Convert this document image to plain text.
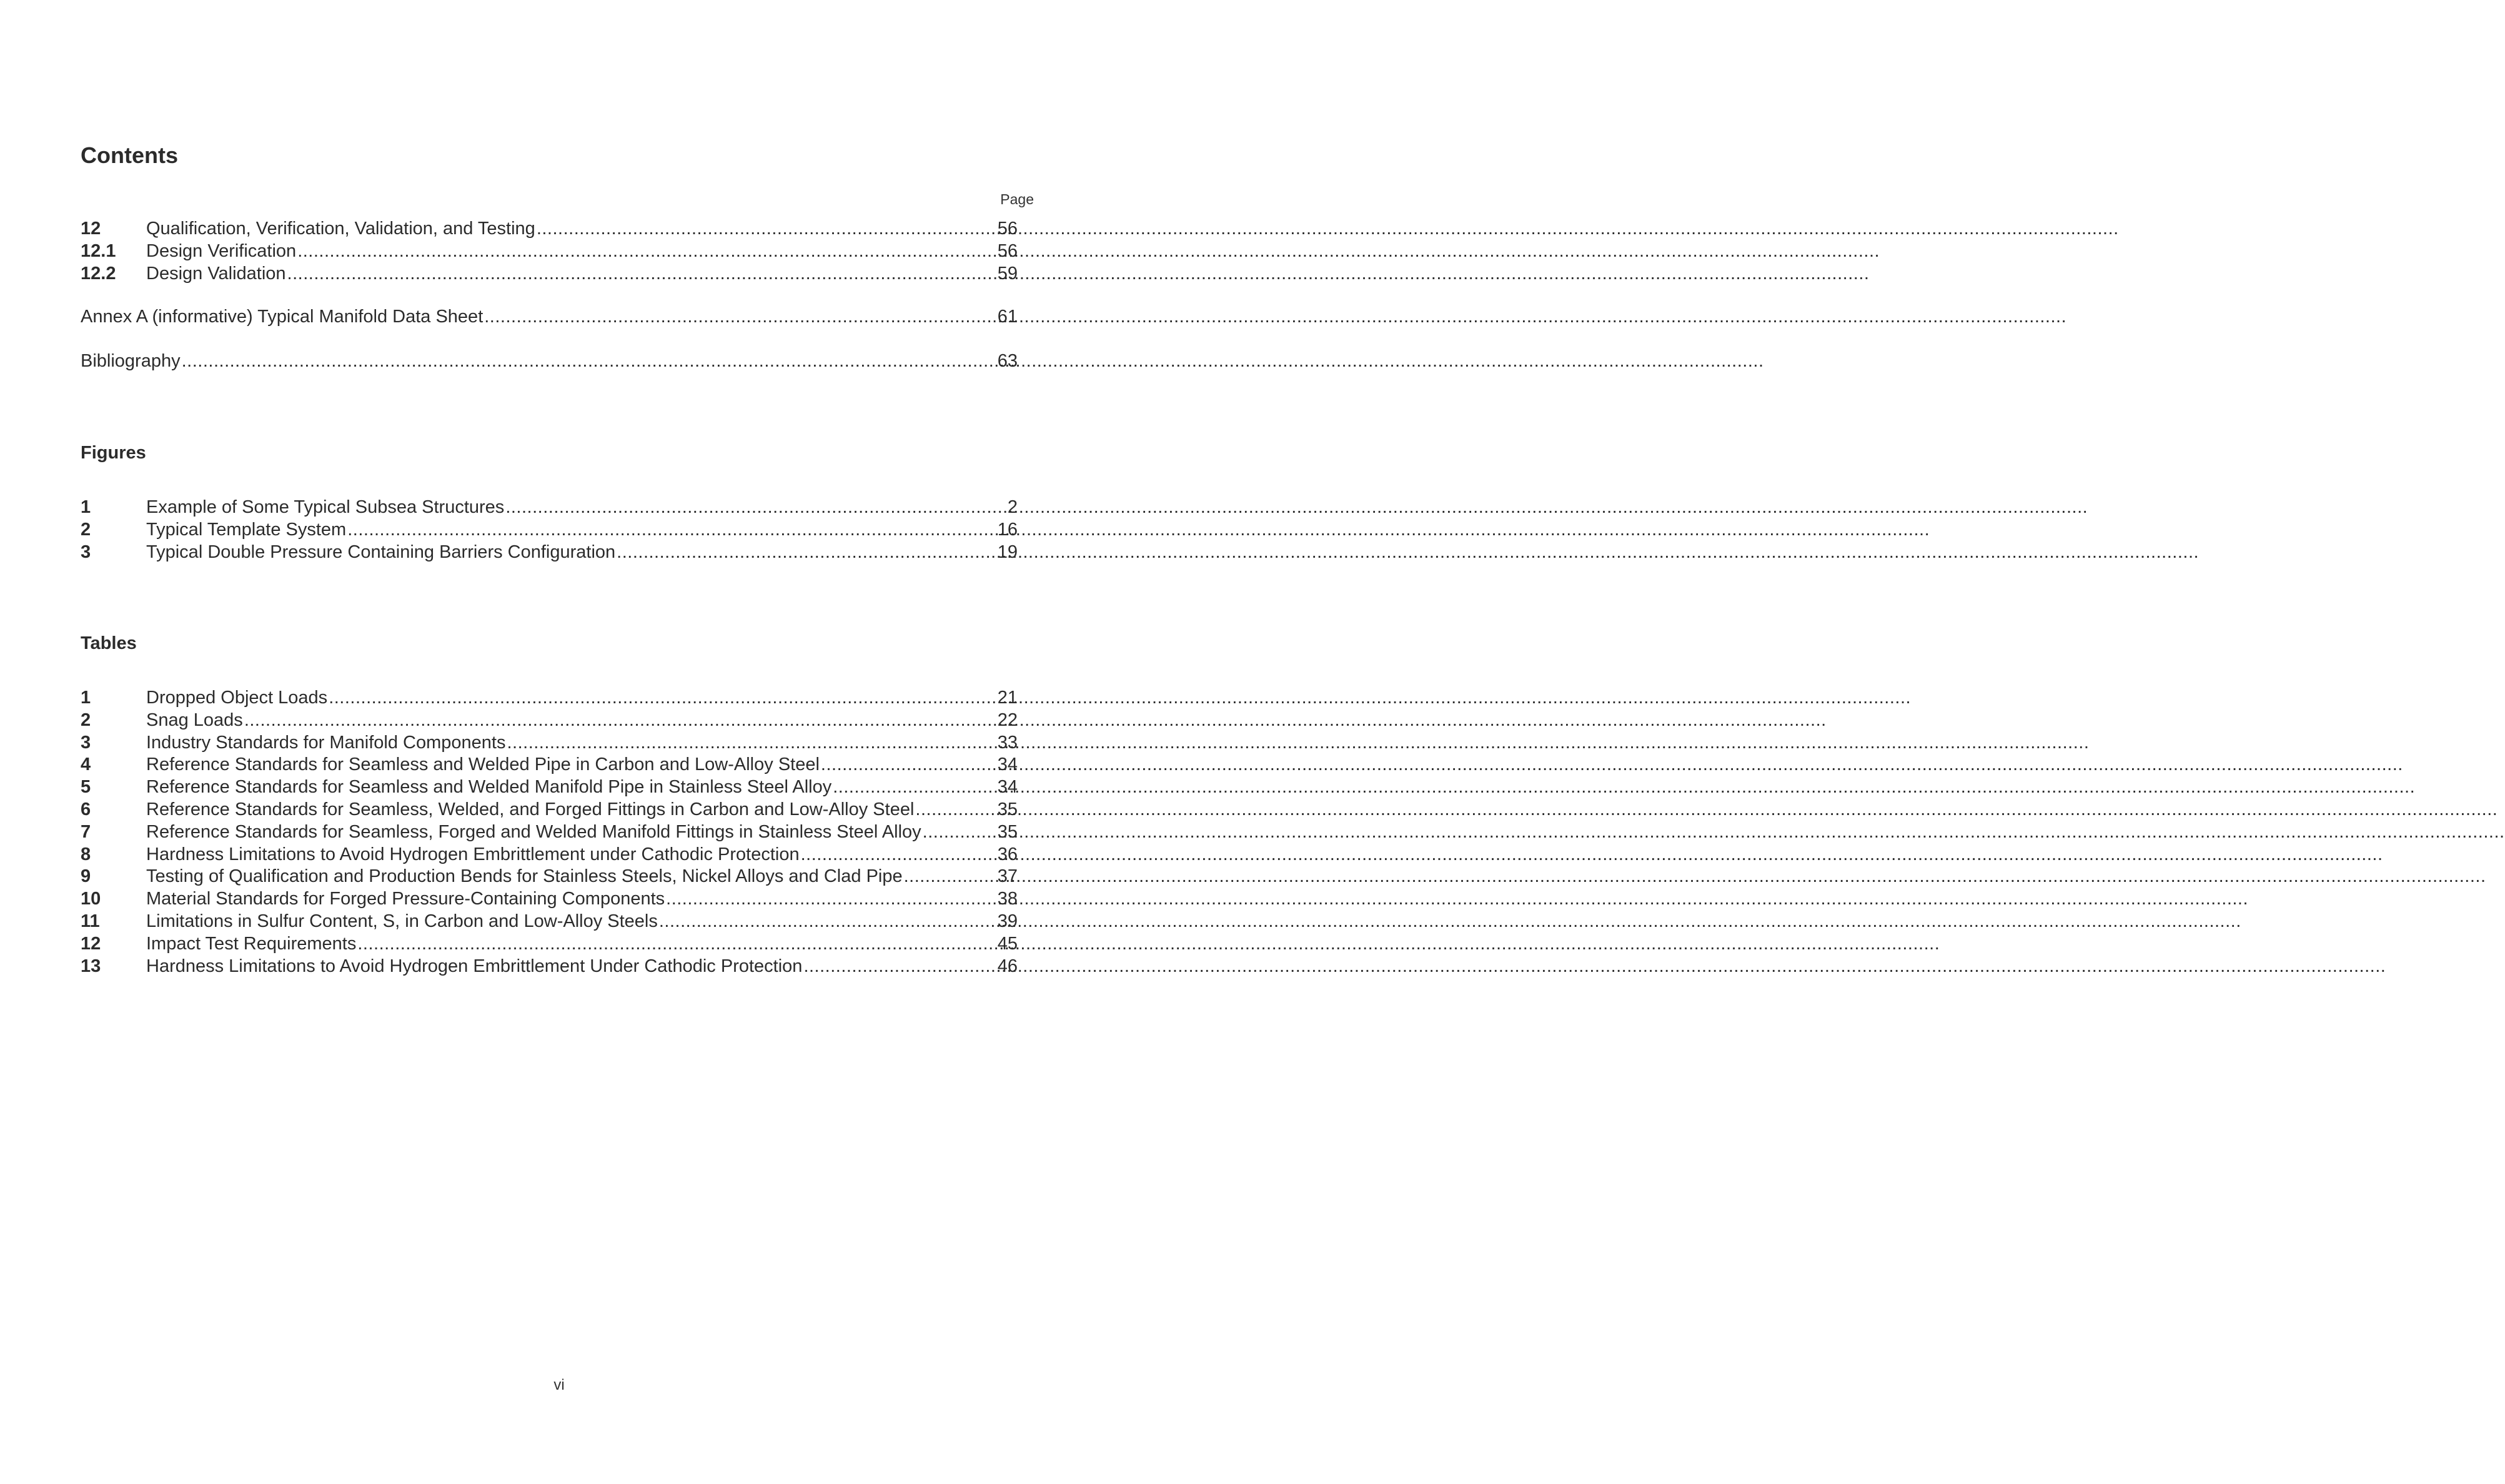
Contents
Page
12	Qualification, Verification, Validation, and Testing .....	56
12.1	Design Verification .....	56
12.2	Design Validation .....	59
Annex A (informative) Typical Manifold Data Sheet .....	61
Bibliography .....	63
Figures
1	Example of Some Typical Subsea Structures .....	2
2	Typical Template System .....	16
3	Typical Double Pressure Containing Barriers Configuration .....	19
Tables
1	Dropped Object Loads .....	21
2	Snag Loads .....	22
3	Industry Standards for Manifold Components .....	33
4	Reference Standards for Seamless and Welded Pipe in Carbon and Low-Alloy Steel .....	34
5	Reference Standards for Seamless and Welded Manifold Pipe in Stainless Steel Alloy .....	34
6	Reference Standards for Seamless, Welded, and Forged Fittings in Carbon and Low-Alloy Steel .....	35
7	Reference Standards for Seamless, Forged and Welded Manifold Fittings in Stainless Steel Alloy .....	35
8	Hardness Limitations to Avoid Hydrogen Embrittlement under Cathodic Protection .....	36
9	Testing of Qualification and Production Bends for Stainless Steels, Nickel Alloys and Clad Pipe .....	37
10	Material Standards for Forged Pressure-Containing Components .....	38
11	Limitations in Sulfur Content, S, in Carbon and Low-Alloy Steels .....	39
12	Impact Test Requirements .....	45
13	Hardness Limitations to Avoid Hydrogen Embrittlement Under Cathodic Protection .....	46
vi
